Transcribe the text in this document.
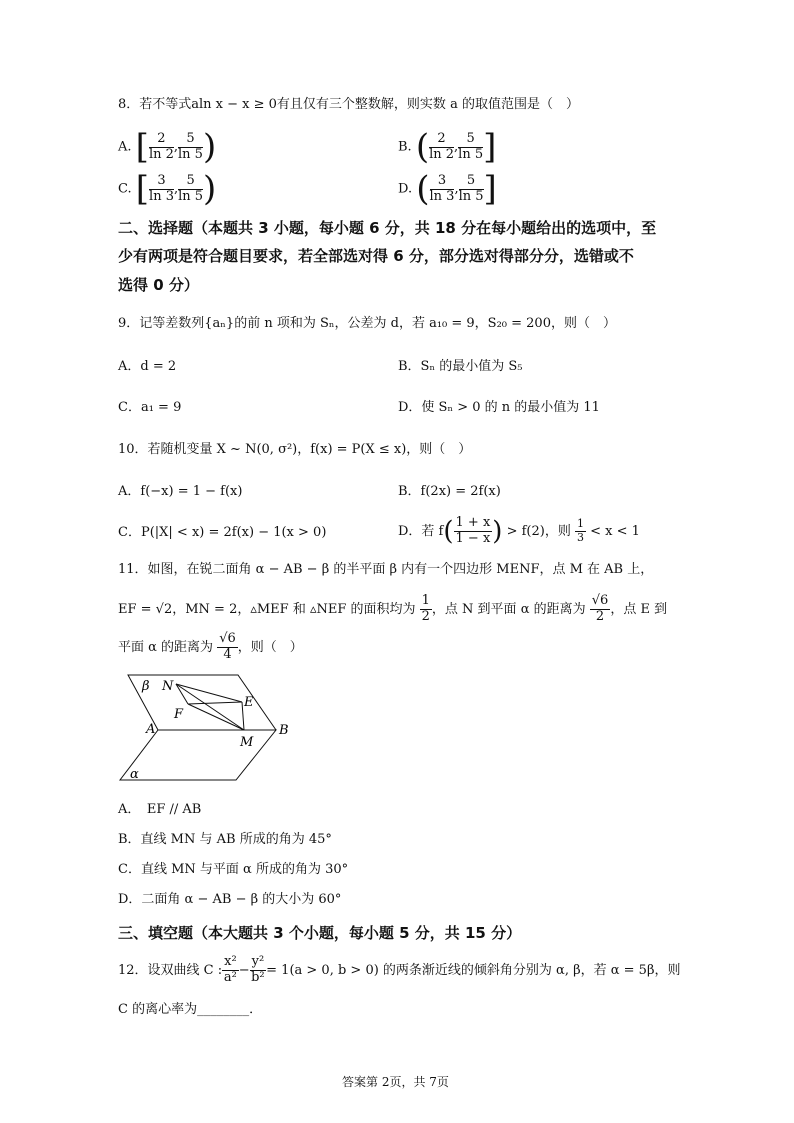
8．若不等式aln x − x ≥ 0有且仅有三个整数解，则实数 a 的取值范围是（　）
A. [ $\frac{2}{\ln 2}$ , $\frac{5}{\ln 5}$ )	B. ( $\frac{2}{\ln 2}$ , $\frac{5}{\ln 5}$ ]
C. [ $\frac{3}{\ln 3}$ , $\frac{5}{\ln 5}$ )	D. ( $\frac{3}{\ln 3}$ , $\frac{5}{\ln 5}$ ]
二、选择题（本题共 3 小题，每小题 6 分，共 18 分在每小题给出的选项中，至
少有两项是符合题目要求，若全部选对得 6 分，部分选对得部分分，选错或不
选得 0 分）
9．记等差数列{aₙ}的前 n 项和为 Sₙ，公差为 d，若 a₁₀ = 9，S₂₀ = 200，则（　）
A．d = 2	B．Sₙ 的最小值为 S₅
C．a₁ = 9	D．使 Sₙ > 0 的 n 的最小值为 11
10．若随机变量 X ~ N(0, σ²)，f(x) = P(X ≤ x)，则（　）
A．f(−x) = 1 − f(x)	B．f(2x) = 2f(x)
C．P(|X| < x) = 2f(x) − 1(x > 0)	D．若 $f( \frac{1 + x}{1 - x}$ ) > f(2)，则 $\frac{1}{3} < x < 1$
11．如图，在锐二面角 α − AB − β 的半平面 β 内有一个四边形 MENF，点 M 在 AB 上，
EF = √2，MN = 2，▵MEF 和 ▵NEF 的面积均为 $\frac{1}{2}$ ，点 N 到平面 α 的距离为 $\frac{√6}{2}$ ，点 E 到
平面 α 的距离为 $\frac{√6}{4}$ ，则（　）
β N
E
F
A
M
B
α
A．　EF // AB
B．直线 MN 与 AB 所成的角为 45°
C．直线 MN 与平面 α 所成的角为 30°
D．二面角 α − AB − β 的大小为 60°
三、填空题（本大题共 3 个小题，每小题 5 分，共 15 分）
12．设双曲线 C : $\frac{\text{x²}}{\text{a²}} - \frac{\text{y²}}{\text{b²}} = 1(a > 0$, b > 0) 的两条渐近线的倾斜角分别为 α, β，若 α = 5β，则
C 的离心率为________．
答案第 2页，共 7页
